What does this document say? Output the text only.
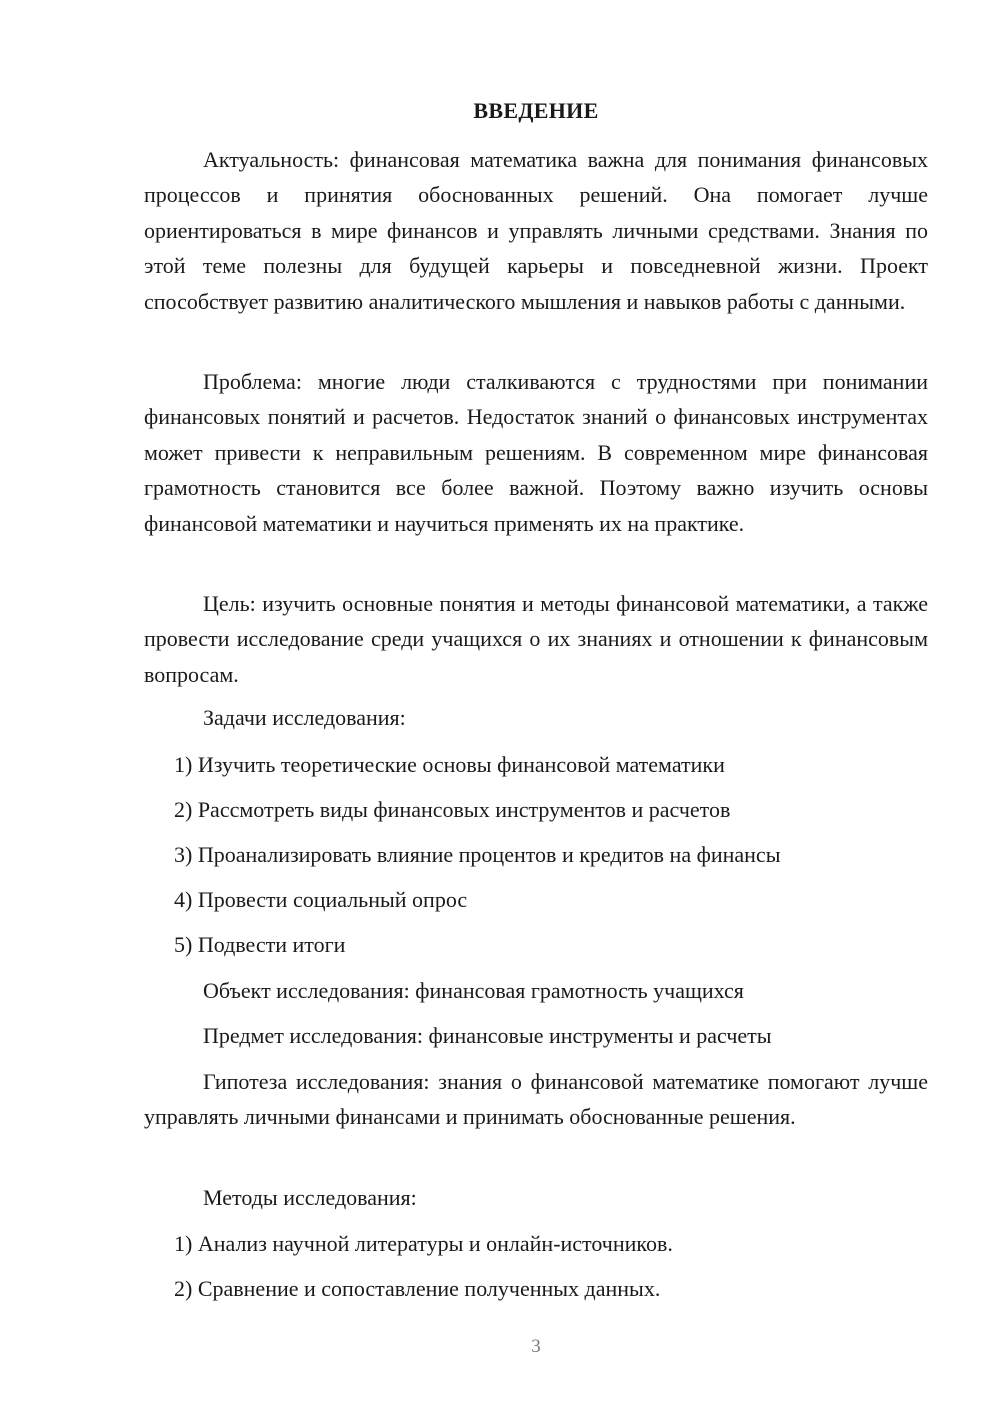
ВВЕДЕНИЕ

Актуальность: финансовая математика важна для понимания финансовых процессов и принятия обоснованных решений. Она помогает лучше ориентироваться в мире финансов и управлять личными средствами. Знания по этой теме полезны для будущей карьеры и повседневной жизни. Проект способствует развитию аналитического мышления и навыков работы с данными.

Проблема: многие люди сталкиваются с трудностями при понимании финансовых понятий и расчетов. Недостаток знаний о финансовых инструментах может привести к неправильным решениям. В современном мире финансовая грамотность становится все более важной. Поэтому важно изучить основы финансовой математики и научиться применять их на практике.

Цель: изучить основные понятия и методы финансовой математики, а также провести исследование среди учащихся о их знаниях и отношении к финансовым вопросам.

Задачи исследования:

1) Изучить теоретические основы финансовой математики

2) Рассмотреть виды финансовых инструментов и расчетов

3) Проанализировать влияние процентов и кредитов на финансы

4) Провести социальный опрос

5) Подвести итоги

Объект исследования: финансовая грамотность учащихся

Предмет исследования: финансовые инструменты и расчеты

Гипотеза исследования: знания о финансовой математике помогают лучше управлять личными финансами и принимать обоснованные решения.

Методы исследования:

1) Анализ научной литературы и онлайн-источников.

2) Сравнение и сопоставление полученных данных.

3
